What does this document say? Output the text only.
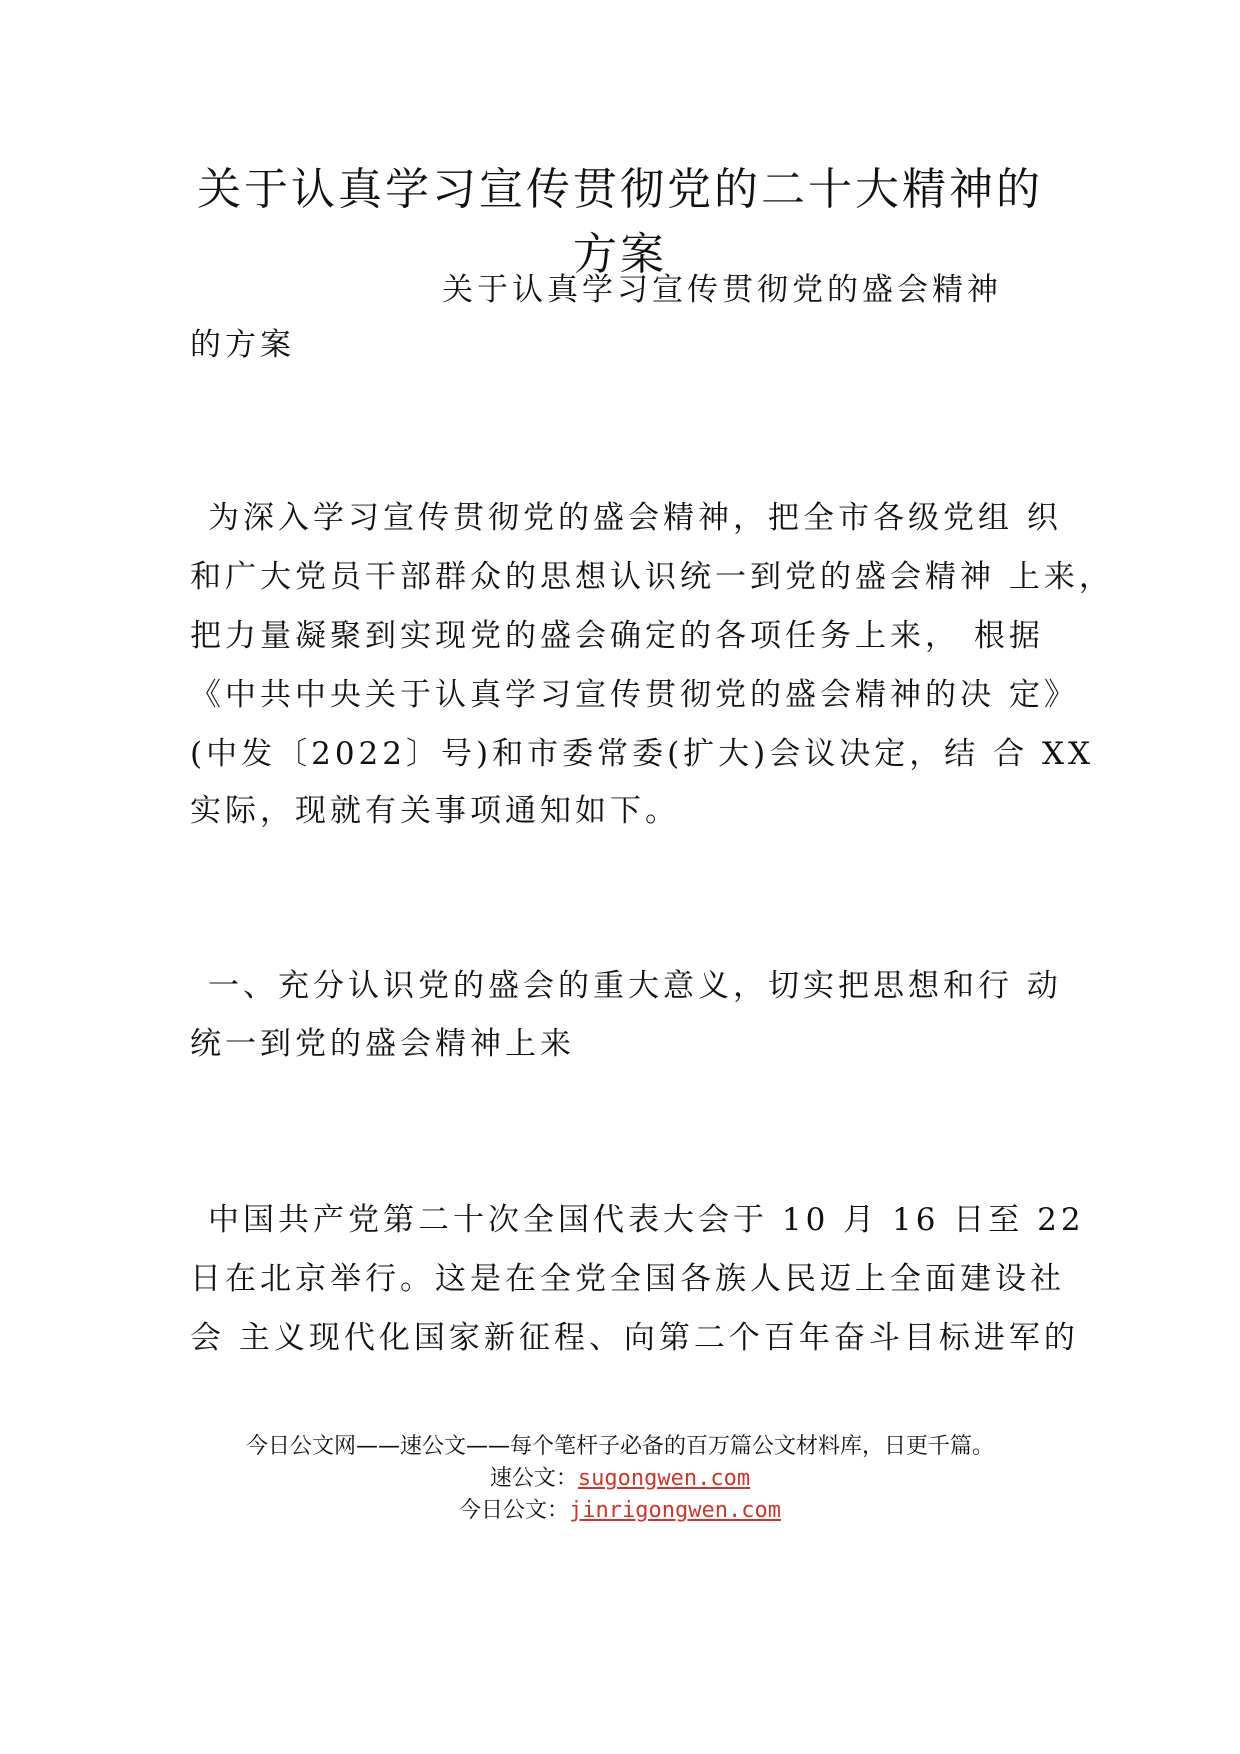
关于认真学习宣传贯彻党的二十大精神的
方案
关于认真学习宣传贯彻党的盛会精神
的方案
为深入学习宣传贯彻党的盛会精神，把全市各级党组 织
和广大党员干部群众的思想认识统一到党的盛会精神 上来，
把力量凝聚到实现党的盛会确定的各项任务上来， 根据
《中共中央关于认真学习宣传贯彻党的盛会精神的决 定》
(中发〔2022〕号)和市委常委(扩大)会议决定，结 合 XX
实际，现就有关事项通知如下。
一、充分认识党的盛会的重大意义，切实把思想和行 动
统一到党的盛会精神上来
中国共产党第二十次全国代表大会于 10 月 16 日至 22
日在北京举行。这是在全党全国各族人民迈上全面建设社
会 主义现代化国家新征程、向第二个百年奋斗目标进军的
今日公文网——速公文——每个笔杆子必备的百万篇公文材料库，日更千篇。
速公文：sugongwen.com
今日公文：jinrigongwen.com
